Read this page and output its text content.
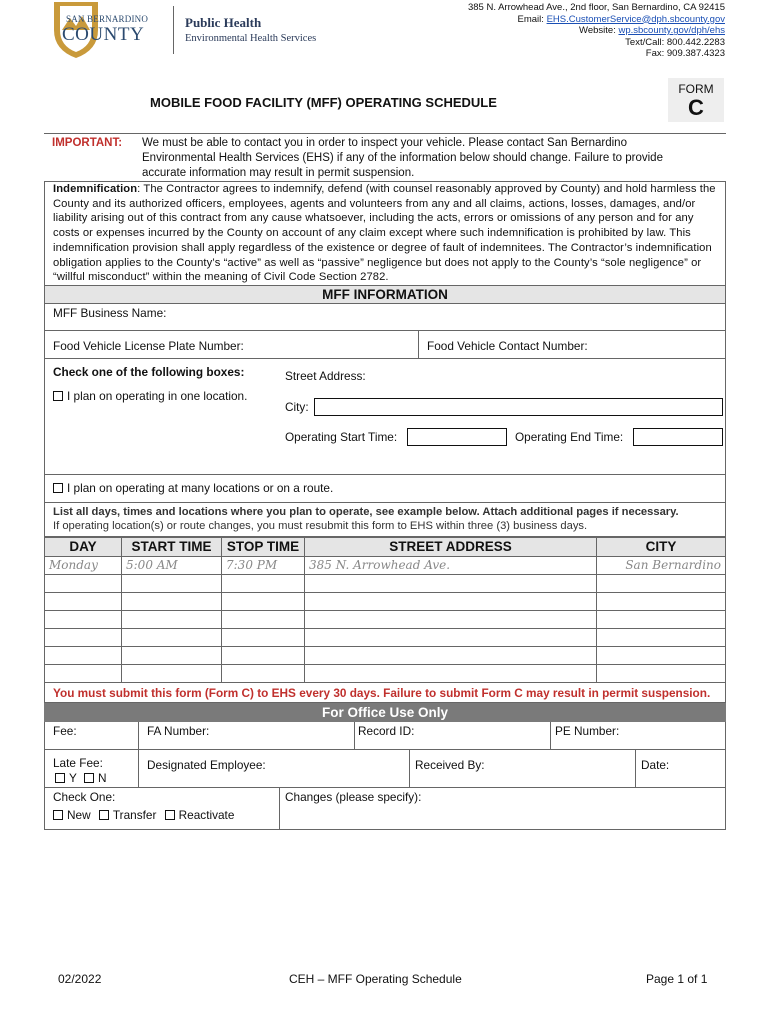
SAN BERNARDINO
COUNTY
Public Health
Environmental Health Services
385 N. Arrowhead Ave., 2nd floor, San Bernardino, CA 92415
Email: EHS.CustomerService@dph.sbcounty.gov
Website: wp.sbcounty.gov/dph/ehs
Text/Call: 800.442.2283
Fax: 909.387.4323
FORM
C
MOBILE FOOD FACILITY (MFF) OPERATING SCHEDULE
IMPORTANT:	We must be able to contact you in order to inspect your vehicle. Please contact San Bernardino Environmental Health Services (EHS) if any of the information below should change. Failure to provide accurate information may result in permit suspension.
Indemnification: The Contractor agrees to indemnify, defend (with counsel reasonably approved by County) and hold harmless the County and its authorized officers, employees, agents and volunteers from any and all claims, actions, losses, damages, and/or liability arising out of this contract from any cause whatsoever, including the acts, errors or omissions of any person and for any costs or expenses incurred by the County on account of any claim except where such indemnification is prohibited by law. This indemnification provision shall apply regardless of the existence or degree of fault of indemnitees. The Contractor’s indemnification obligation applies to the County’s “active” as well as “passive” negligence but does not apply to the County’s “sole negligence” or “willful misconduct” within the meaning of Civil Code Section 2782.
MFF INFORMATION
MFF Business Name:
Food Vehicle License Plate Number:	Food Vehicle Contact Number:
Check one of the following boxes:
I plan on operating in one location.
Street Address:
City:
Operating Start Time:	Operating End Time:
I plan on operating at many locations or on a route.
List all days, times and locations where you plan to operate, see example below. Attach additional pages if necessary.
If operating location(s) or route changes, you must resubmit this form to EHS within three (3) business days.
DAY	START TIME	STOP TIME	STREET ADDRESS	CITY
Monday	5:00 AM	7:30 PM	385 N. Arrowhead Ave.	San Bernardino

You must submit this form (Form C) to EHS every 30 days. Failure to submit Form C may result in permit suspension.
For Office Use Only
Fee:	FA Number:	Record ID:	PE Number:
Late Fee:
Y N
Designated Employee:	Received By:	Date:
Check One:
New Transfer Reactivate
Changes (please specify):
02/2022	CEH – MFF Operating Schedule	Page 1 of 1
